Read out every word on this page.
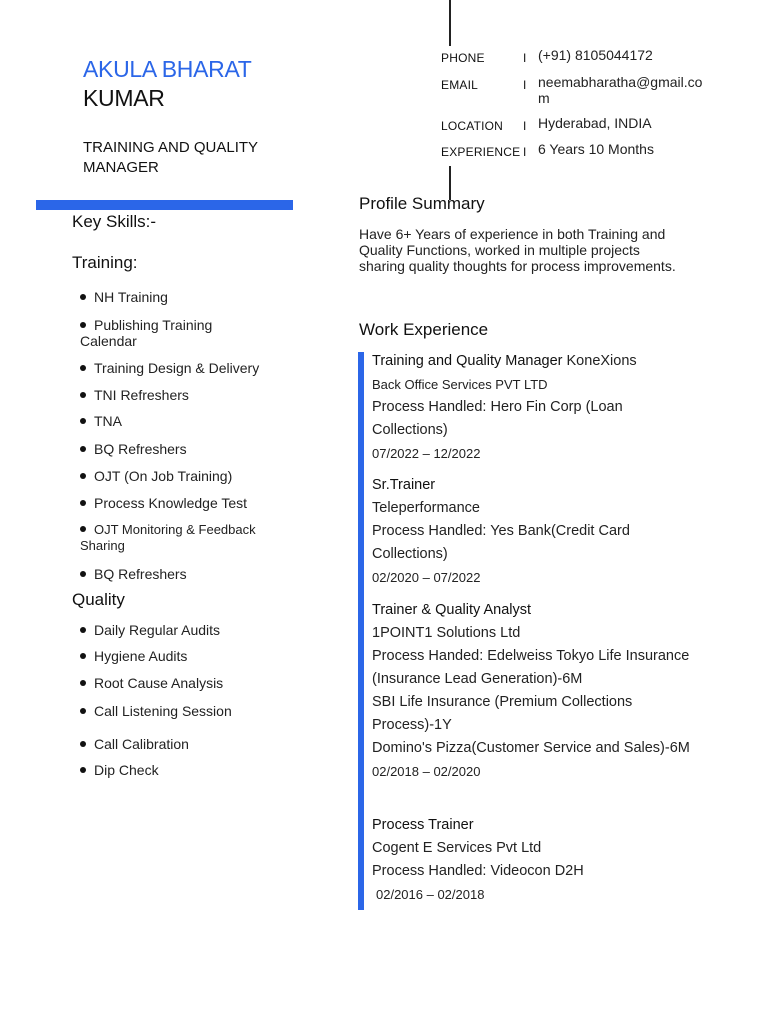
AKULA BHARAT
KUMAR
TRAINING AND QUALITY MANAGER
PHONE	I (+91) 8105044172
EMAIL	I neemabharatha@gmail.com
LOCATION I Hyderabad, INDIA
EXPERIENCE I 6 Years 10 Months
Key Skills:-
Training:
NH Training
Publishing Training Calendar
Training Design & Delivery
TNI Refreshers
TNA
BQ Refreshers
OJT (On Job Training)
Process Knowledge Test
OJT Monitoring & Feedback Sharing
BQ Refreshers
Quality
Daily Regular Audits
Hygiene Audits
Root Cause Analysis
Call Listening Session
Call Calibration
Dip Check
Profile Summary
Have 6+ Years of experience in both Training and Quality Functions, worked in multiple projects sharing quality thoughts for process improvements.
Work Experience
Training and Quality Manager KoneXions
Back Office Services PVT LTD
Process Handled: Hero Fin Corp (Loan Collections)
07/2022 – 12/2022
Sr.Trainer
Teleperformance
Process Handled: Yes Bank(Credit Card Collections)
02/2020 – 07/2022
Trainer & Quality Analyst
1POINT1 Solutions Ltd
Process Handed: Edelweiss Tokyo Life Insurance (Insurance Lead Generation)-6M
SBI Life Insurance (Premium Collections Process)-1Y
Domino's Pizza(Customer Service and Sales)-6M
02/2018 – 02/2020
Process Trainer
Cogent E Services Pvt Ltd
Process Handled: Videocon D2H
02/2016 – 02/2018
